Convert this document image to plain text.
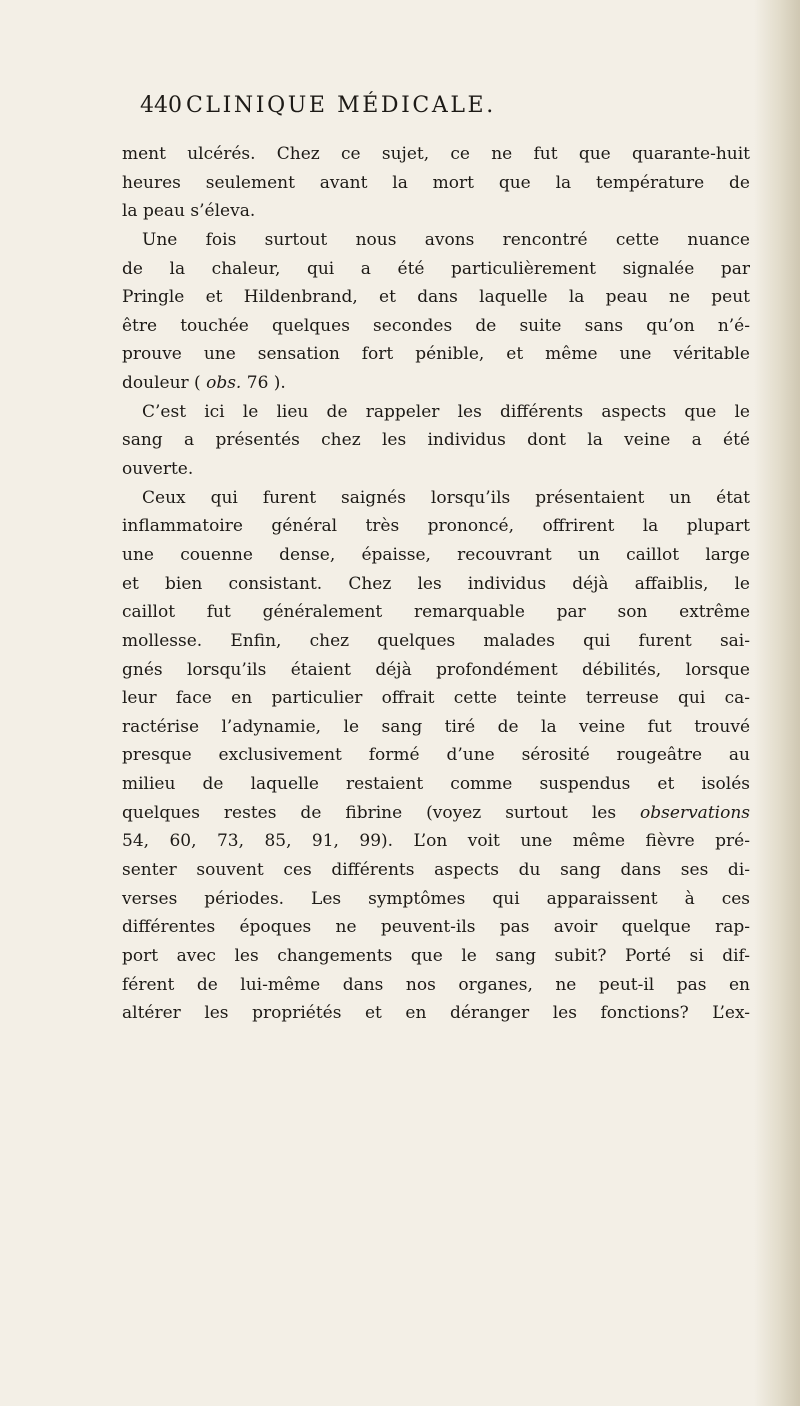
440 CLINIQUE MÉDICALE.
ment ulcérés. Chez ce sujet, ce ne fut que quarante-huit
heures seulement avant la mort que la température de
la peau s’éleva.
Une fois surtout nous avons rencontré cette nuance
de la chaleur, qui a été particulièrement signalée par
Pringle et Hildenbrand, et dans laquelle la peau ne peut
être touchée quelques secondes de suite sans qu’on n’é-
prouve une sensation fort pénible, et même une véritable
douleur ( obs. 76 ).
C’est ici le lieu de rappeler les différents aspects que le
sang a présentés chez les individus dont la veine a été
ouverte.
Ceux qui furent saignés lorsqu’ils présentaient un état
inflammatoire général très prononcé, offrirent la plupart
une couenne dense, épaisse, recouvrant un caillot large
et bien consistant. Chez les individus déjà affaiblis, le
caillot fut généralement remarquable par son extrême
mollesse. Enfin, chez quelques malades qui furent sai-
gnés lorsqu’ils étaient déjà profondément débilités, lorsque
leur face en particulier offrait cette teinte terreuse qui ca-
ractérise l’adynamie, le sang tiré de la veine fut trouvé
presque exclusivement formé d’une sérosité rougeâtre au
milieu de laquelle restaient comme suspendus et isolés
quelques restes de fibrine (voyez surtout les observations
54, 60, 73, 85, 91, 99). L’on voit une même fièvre pré-
senter souvent ces différents aspects du sang dans ses di-
verses périodes. Les symptômes qui apparaissent à ces
différentes époques ne peuvent-ils pas avoir quelque rap-
port avec les changements que le sang subit? Porté si dif-
férent de lui-même dans nos organes, ne peut-il pas en
altérer les propriétés et en déranger les fonctions? L’ex-
